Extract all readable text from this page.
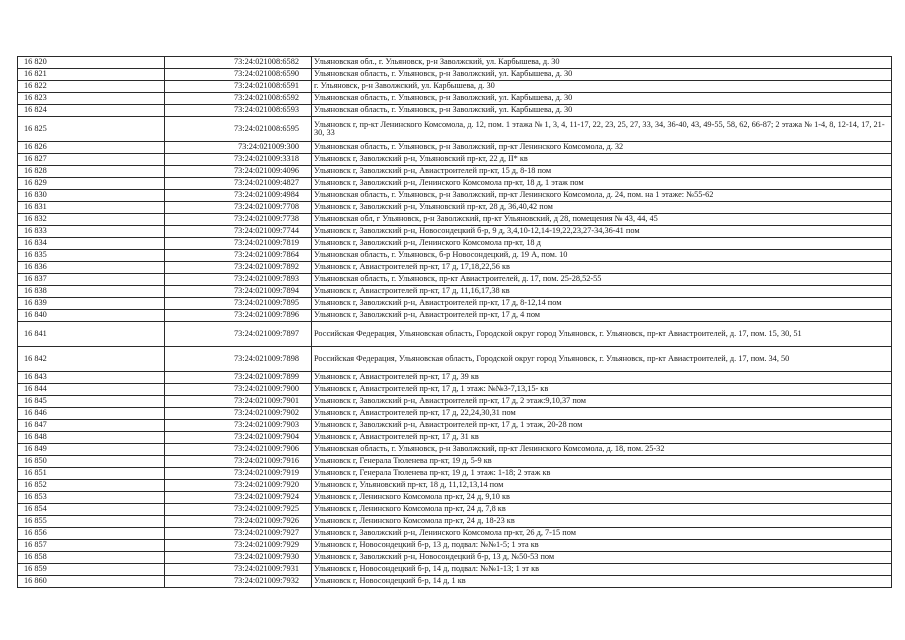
16 820	73:24:021008:6582	Ульяновская обл., г. Ульяновск, р-н Заволжский, ул. Карбышева, д. 30
16 821	73:24:021008:6590	Ульяновская область, г. Ульяновск, р-н Заволжский, ул. Карбышева, д. 30
16 822	73:24:021008:6591	г. Ульяновск, р-н Заволжский, ул. Карбышева, д. 30
16 823	73:24:021008:6592	Ульяновская область, г. Ульяновск, р-н Заволжский, ул. Карбышева, д. 30
16 824	73:24:021008:6593	Ульяновская область, г. Ульяновск, р-н Заволжский, ул. Карбышева, д. 30
16 825	73:24:021008:6595	Ульяновск г, пр-кт Ленинского Комсомола, д. 12, пом. 1 этажа № 1, 3, 4, 11-17, 22, 23, 25, 27, 33, 34, 36-40, 43, 49-55, 58, 62, 66-87; 2 этажа № 1-4, 8, 12-14, 17, 21-30, 33
16 826	73:24:021009:300	Ульяновская область, г. Ульяновск, р-н Заволжский, пр-кт Ленинского Комсомола, д. 32
16 827	73:24:021009:3318	Ульяновск г, Заволжский р-н, Ульяновский пр-кт, 22 д, II* кв
16 828	73:24:021009:4096	Ульяновск г, Заволжский р-н, Авиастроителей пр-кт, 15 д, 8-18 пом
16 829	73:24:021009:4827	Ульяновск г, Заволжский р-н, Ленинского Комсомола пр-кт, 18 д, 1 этаж пом
16 830	73:24:021009:4984	Ульяновская область, г. Ульяновск, р-н Заволжский, пр-кт Ленинского Комсомола, д. 24, пом. на 1 этаже: №55-62
16 831	73:24:021009:7708	Ульяновск г, Заволжский р-н, Ульяновский пр-кт, 28 д, 36,40,42 пом
16 832	73:24:021009:7738	Ульяновская обл, г Ульяновск, р-н Заволжский, пр-кт Ульяновский, д 28, помещения № 43, 44, 45
16 833	73:24:021009:7744	Ульяновск г, Заволжский р-н, Новосондецкий б-р, 9 д, 3,4,10-12,14-19,22,23,27-34,36-41 пом
16 834	73:24:021009:7819	Ульяновск г, Заволжский р-н, Ленинского Комсомола пр-кт, 18 д
16 835	73:24:021009:7864	Ульяновская область, г. Ульяновск, б-р Новосондецкий, д. 19 А, пом. 10
16 836	73:24:021009:7892	Ульяновск г, Авиастроителей пр-кт, 17 д, 17,18,22,56 кв
16 837	73:24:021009:7893	Ульяновская область, г. Ульяновск, пр-кт Авиастроителей, д. 17, пом. 25-28,52-55
16 838	73:24:021009:7894	Ульяновск г, Авиастроителей пр-кт, 17 д, 11,16,17,38 кв
16 839	73:24:021009:7895	Ульяновск г, Заволжский р-н, Авиастроителей пр-кт, 17 д, 8-12,14 пом
16 840	73:24:021009:7896	Ульяновск г, Заволжский р-н, Авиастроителей пр-кт, 17 д, 4 пом
16 841	73:24:021009:7897	Российская Федерация, Ульяновская область, Городской округ город Ульяновск, г. Ульяновск, пр-кт Авиастроителей, д. 17, пом. 15, 30, 51
16 842	73:24:021009:7898	Российская Федерация, Ульяновская область, Городской округ город Ульяновск, г. Ульяновск, пр-кт Авиастроителей, д. 17, пом. 34, 50
16 843	73:24:021009:7899	Ульяновск г, Авиастроителей пр-кт, 17 д, 39 кв
16 844	73:24:021009:7900	Ульяновск г, Авиастроителей пр-кт, 17 д, 1 этаж: №№3-7,13,15- кв
16 845	73:24:021009:7901	Ульяновск г, Заволжский р-н, Авиастроителей пр-кт, 17 д, 2 этаж:9,10,37 пом
16 846	73:24:021009:7902	Ульяновск г, Авиастроителей пр-кт, 17 д, 22,24,30,31 пом
16 847	73:24:021009:7903	Ульяновск г, Заволжский р-н, Авиастроителей пр-кт, 17 д, 1 этаж, 20-28 пом
16 848	73:24:021009:7904	Ульяновск г, Авиастроителей пр-кт, 17 д, 31 кв
16 849	73:24:021009:7906	Ульяновская область, г. Ульяновск, р-н Заволжский, пр-кт Ленинского Комсомола, д. 18, пом. 25-32
16 850	73:24:021009:7916	Ульяновск г, Генерала Тюленева пр-кт, 19 д, 5-9 кв
16 851	73:24:021009:7919	Ульяновск г, Генерала Тюленева пр-кт, 19 д, 1 этаж: 1-18; 2 этаж кв
16 852	73:24:021009:7920	Ульяновск г, Ульяновский пр-кт, 18 д, 11,12,13,14 пом
16 853	73:24:021009:7924	Ульяновск г, Ленинского Комсомола пр-кт, 24 д, 9,10 кв
16 854	73:24:021009:7925	Ульяновск г, Ленинского Комсомола пр-кт, 24 д, 7,8 кв
16 855	73:24:021009:7926	Ульяновск г, Ленинского Комсомола пр-кт, 24 д, 18-23 кв
16 856	73:24:021009:7927	Ульяновск г, Заволжский р-н, Ленинского Комсомола пр-кт, 26 д, 7-15 пом
16 857	73:24:021009:7929	Ульяновск г, Новосондецкий б-р, 13 д, подвал: №№1-5; 1 эта кв
16 858	73:24:021009:7930	Ульяновск г, Заволжский р-н, Новосондецкий б-р, 13 д, №50-53 пом
16 859	73:24:021009:7931	Ульяновск г, Новосондецкий б-р, 14 д, подвал: №№1-13; 1 эт кв
16 860	73:24:021009:7932	Ульяновск г, Новосондецкий б-р, 14 д, 1 кв
